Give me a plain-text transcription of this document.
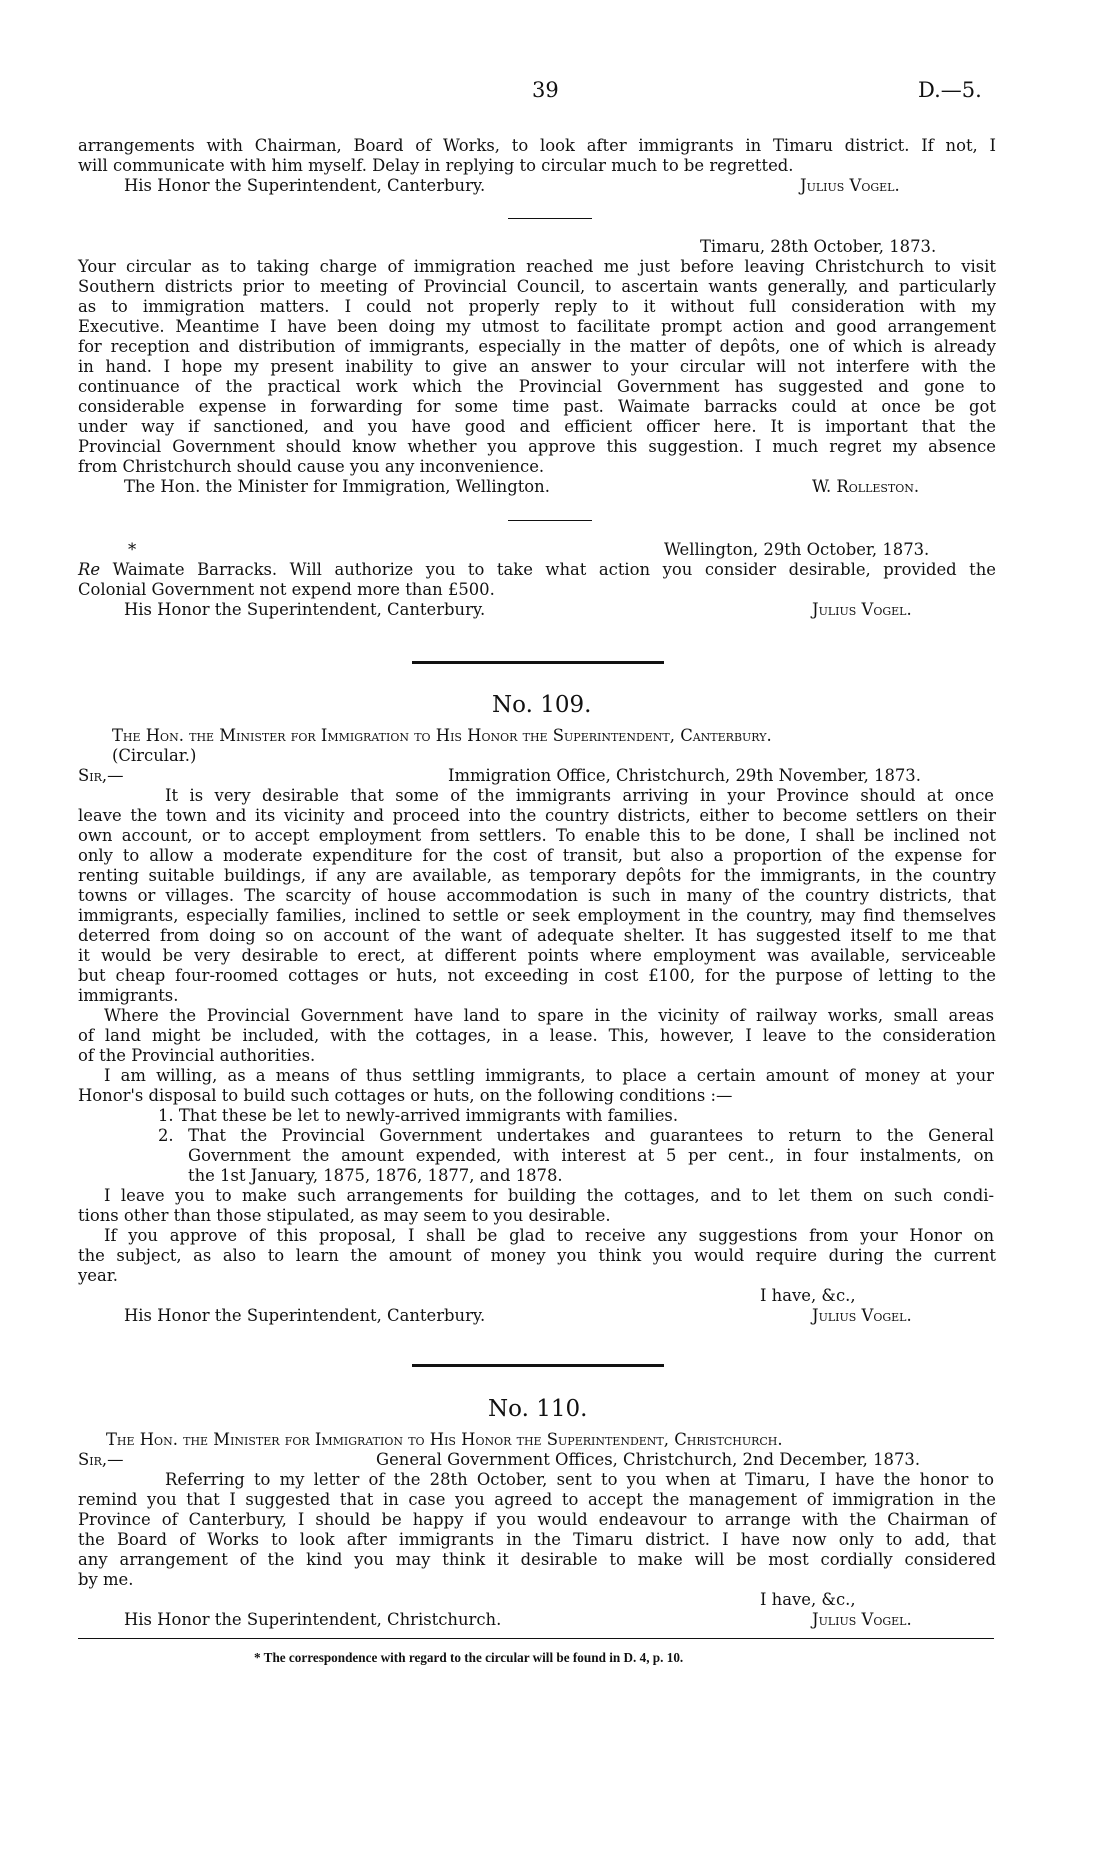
39	D.—5.
arrangements with Chairman, Board of Works, to look after immigrants in Timaru district. If not, I
will communicate with him myself. Delay in replying to circular much to be regretted.
His Honor the Superintendent, Canterbury.	Julius Vogel.
Timaru, 28th October, 1873.
Your circular as to taking charge of immigration reached me just before leaving Christchurch to visit
Southern districts prior to meeting of Provincial Council, to ascertain wants generally, and particularly
as to immigration matters. I could not properly reply to it without full consideration with my
Executive. Meantime I have been doing my utmost to facilitate prompt action and good arrangement
for reception and distribution of immigrants, especially in the matter of depôts, one of which is already
in hand. I hope my present inability to give an answer to your circular will not interfere with the
continuance of the practical work which the Provincial Government has suggested and gone to
considerable expense in forwarding for some time past. Waimate barracks could at once be got
under way if sanctioned, and you have good and efficient officer here. It is important that the
Provincial Government should know whether you approve this suggestion. I much regret my absence
from Christchurch should cause you any inconvenience.
The Hon. the Minister for Immigration, Wellington.	W. Rolleston.
*	Wellington, 29th October, 1873.
Re Waimate Barracks. Will authorize you to take what action you consider desirable, provided the
Colonial Government not expend more than £500.
His Honor the Superintendent, Canterbury.	Julius Vogel.
No. 109.
The Hon. the Minister for Immigration to His Honor the Superintendent, Canterbury.
(Circular.)
Sir,—	Immigration Office, Christchurch, 29th November, 1873.
It is very desirable that some of the immigrants arriving in your Province should at once
leave the town and its vicinity and proceed into the country districts, either to become settlers on their
own account, or to accept employment from settlers. To enable this to be done, I shall be inclined not
only to allow a moderate expenditure for the cost of transit, but also a proportion of the expense for
renting suitable buildings, if any are available, as temporary depôts for the immigrants, in the country
towns or villages. The scarcity of house accommodation is such in many of the country districts, that
immigrants, especially families, inclined to settle or seek employment in the country, may find themselves
deterred from doing so on account of the want of adequate shelter. It has suggested itself to me that
it would be very desirable to erect, at different points where employment was available, serviceable
but cheap four-roomed cottages or huts, not exceeding in cost £100, for the purpose of letting to the
immigrants.
Where the Provincial Government have land to spare in the vicinity of railway works, small areas
of land might be included, with the cottages, in a lease. This, however, I leave to the consideration
of the Provincial authorities.
I am willing, as a means of thus settling immigrants, to place a certain amount of money at your
Honor's disposal to build such cottages or huts, on the following conditions :—
1. That these be let to newly-arrived immigrants with families.
2. That the Provincial Government undertakes and guarantees to return to the General
Government the amount expended, with interest at 5 per cent., in four instalments, on
the 1st January, 1875, 1876, 1877, and 1878.
I leave you to make such arrangements for building the cottages, and to let them on such condi-
tions other than those stipulated, as may seem to you desirable.
If you approve of this proposal, I shall be glad to receive any suggestions from your Honor on
the subject, as also to learn the amount of money you think you would require during the current
year.
I have, &c.,
His Honor the Superintendent, Canterbury.	Julius Vogel.
No. 110.
The Hon. the Minister for Immigration to His Honor the Superintendent, Christchurch.
Sir,—	General Government Offices, Christchurch, 2nd December, 1873.
Referring to my letter of the 28th October, sent to you when at Timaru, I have the honor to
remind you that I suggested that in case you agreed to accept the management of immigration in the
Province of Canterbury, I should be happy if you would endeavour to arrange with the Chairman of
the Board of Works to look after immigrants in the Timaru district. I have now only to add, that
any arrangement of the kind you may think it desirable to make will be most cordially considered
by me.
I have, &c.,
His Honor the Superintendent, Christchurch.	Julius Vogel.
* The correspondence with regard to the circular will be found in D. 4, p. 10.
